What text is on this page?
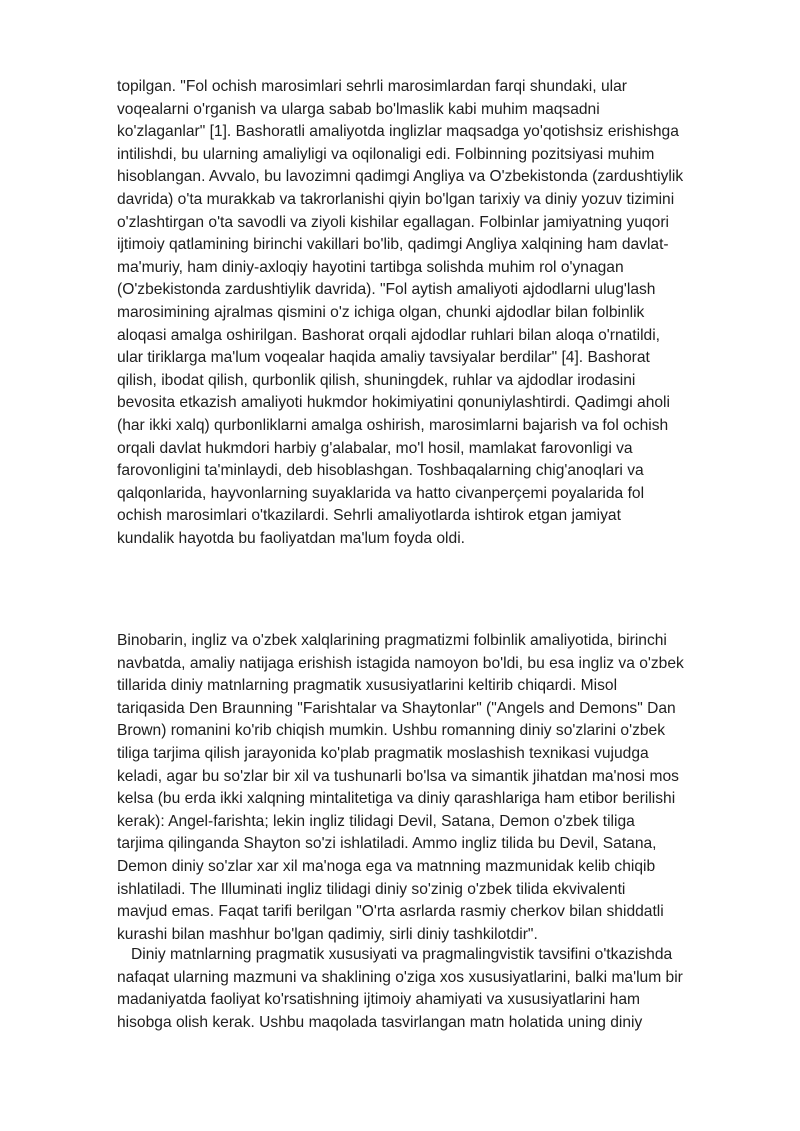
topilgan. "Fol ochish marosimlari sehrli marosimlardan farqi shundaki, ular
voqealarni o'rganish va ularga sabab bo'lmaslik kabi muhim maqsadni
ko'zlaganlar" [1]. Bashoratli amaliyotda inglizlar maqsadga yo'qotishsiz erishishga
intilishdi, bu ularning amaliyligi va oqilonaligi edi. Folbinning pozitsiyasi muhim
hisoblangan. Avvalo, bu lavozimni qadimgi Angliya va O'zbekistonda (zardushtiylik
davrida) o'ta murakkab va takrorlanishi qiyin bo'lgan tarixiy va diniy yozuv tizimini
o'zlashtirgan o'ta savodli va ziyoli kishilar egallagan. Folbinlar jamiyatning yuqori
ijtimoiy qatlamining birinchi vakillari bo'lib, qadimgi Angliya xalqining ham davlat-
ma'muriy, ham diniy-axloqiy hayotini tartibga solishda muhim rol o'ynagan
(O'zbekistonda zardushtiylik davrida). "Fol aytish amaliyoti ajdodlarni ulug'lash
marosimining ajralmas qismini o'z ichiga olgan, chunki ajdodlar bilan folbinlik
aloqasi amalga oshirilgan. Bashorat orqali ajdodlar ruhlari bilan aloqa o'rnatildi,
ular tiriklarga ma'lum voqealar haqida amaliy tavsiyalar berdilar" [4]. Bashorat
qilish, ibodat qilish, qurbonlik qilish, shuningdek, ruhlar va ajdodlar irodasini
bevosita etkazish amaliyoti hukmdor hokimiyatini qonuniylashtirdi. Qadimgi aholi
(har ikki xalq) qurbonliklarni amalga oshirish, marosimlarni bajarish va fol ochish
orqali davlat hukmdori harbiy g'alabalar, mo'l hosil, mamlakat farovonligi va
farovonligini ta'minlaydi, deb hisoblashgan. Toshbaqalarning chig'anoqlari va
qalqonlarida, hayvonlarning suyaklarida va hatto civanperçemi poyalarida fol
ochish marosimlari o'tkazilardi. Sehrli amaliyotlarda ishtirok etgan jamiyat
kundalik hayotda bu faoliyatdan ma'lum foyda oldi.
Binobarin, ingliz va o'zbek xalqlarining pragmatizmi folbinlik amaliyotida, birinchi
navbatda, amaliy natijaga erishish istagida namoyon bo'ldi, bu esa ingliz va o'zbek
tillarida diniy matnlarning pragmatik xususiyatlarini keltirib chiqardi. Misol
tariqasida Den Braunning "Farishtalar va Shaytonlar" ("Angels and Demons" Dan
Brown) romanini ko'rib chiqish mumkin. Ushbu romanning diniy so'zlarini o'zbek
tiliga tarjima qilish jarayonida ko'plab pragmatik moslashish texnikasi vujudga
keladi, agar bu so'zlar bir xil va tushunarli bo'lsa va simantik jihatdan ma'nosi mos
kelsa (bu erda ikki xalqning mintalitetiga va diniy qarashlariga ham etibor berilishi
kerak): Angel-farishta; lekin ingliz tilidagi Devil, Satana, Demon o'zbek tiliga
tarjima qilinganda Shayton so'zi ishlatiladi. Ammo ingliz tilida bu Devil, Satana,
Demon diniy so'zlar xar xil ma'noga ega va matnning mazmunidak kelib chiqib
ishlatiladi. The Illuminati ingliz tilidagi diniy so'zinig o'zbek tilida ekvivalenti
mavjud emas. Faqat tarifi berilgan "O'rta asrlarda rasmiy cherkov bilan shiddatli
kurashi bilan mashhur bo'lgan qadimiy, sirli diniy tashkilotdir".
Diniy matnlarning pragmatik xususiyati va pragmalingvistik tavsifini o'tkazishda
nafaqat ularning mazmuni va shaklining o'ziga xos xususiyatlarini, balki ma'lum bir
madaniyatda faoliyat ko'rsatishning ijtimoiy ahamiyati va xususiyatlarini ham
hisobga olish kerak. Ushbu maqolada tasvirlangan matn holatida uning diniy
